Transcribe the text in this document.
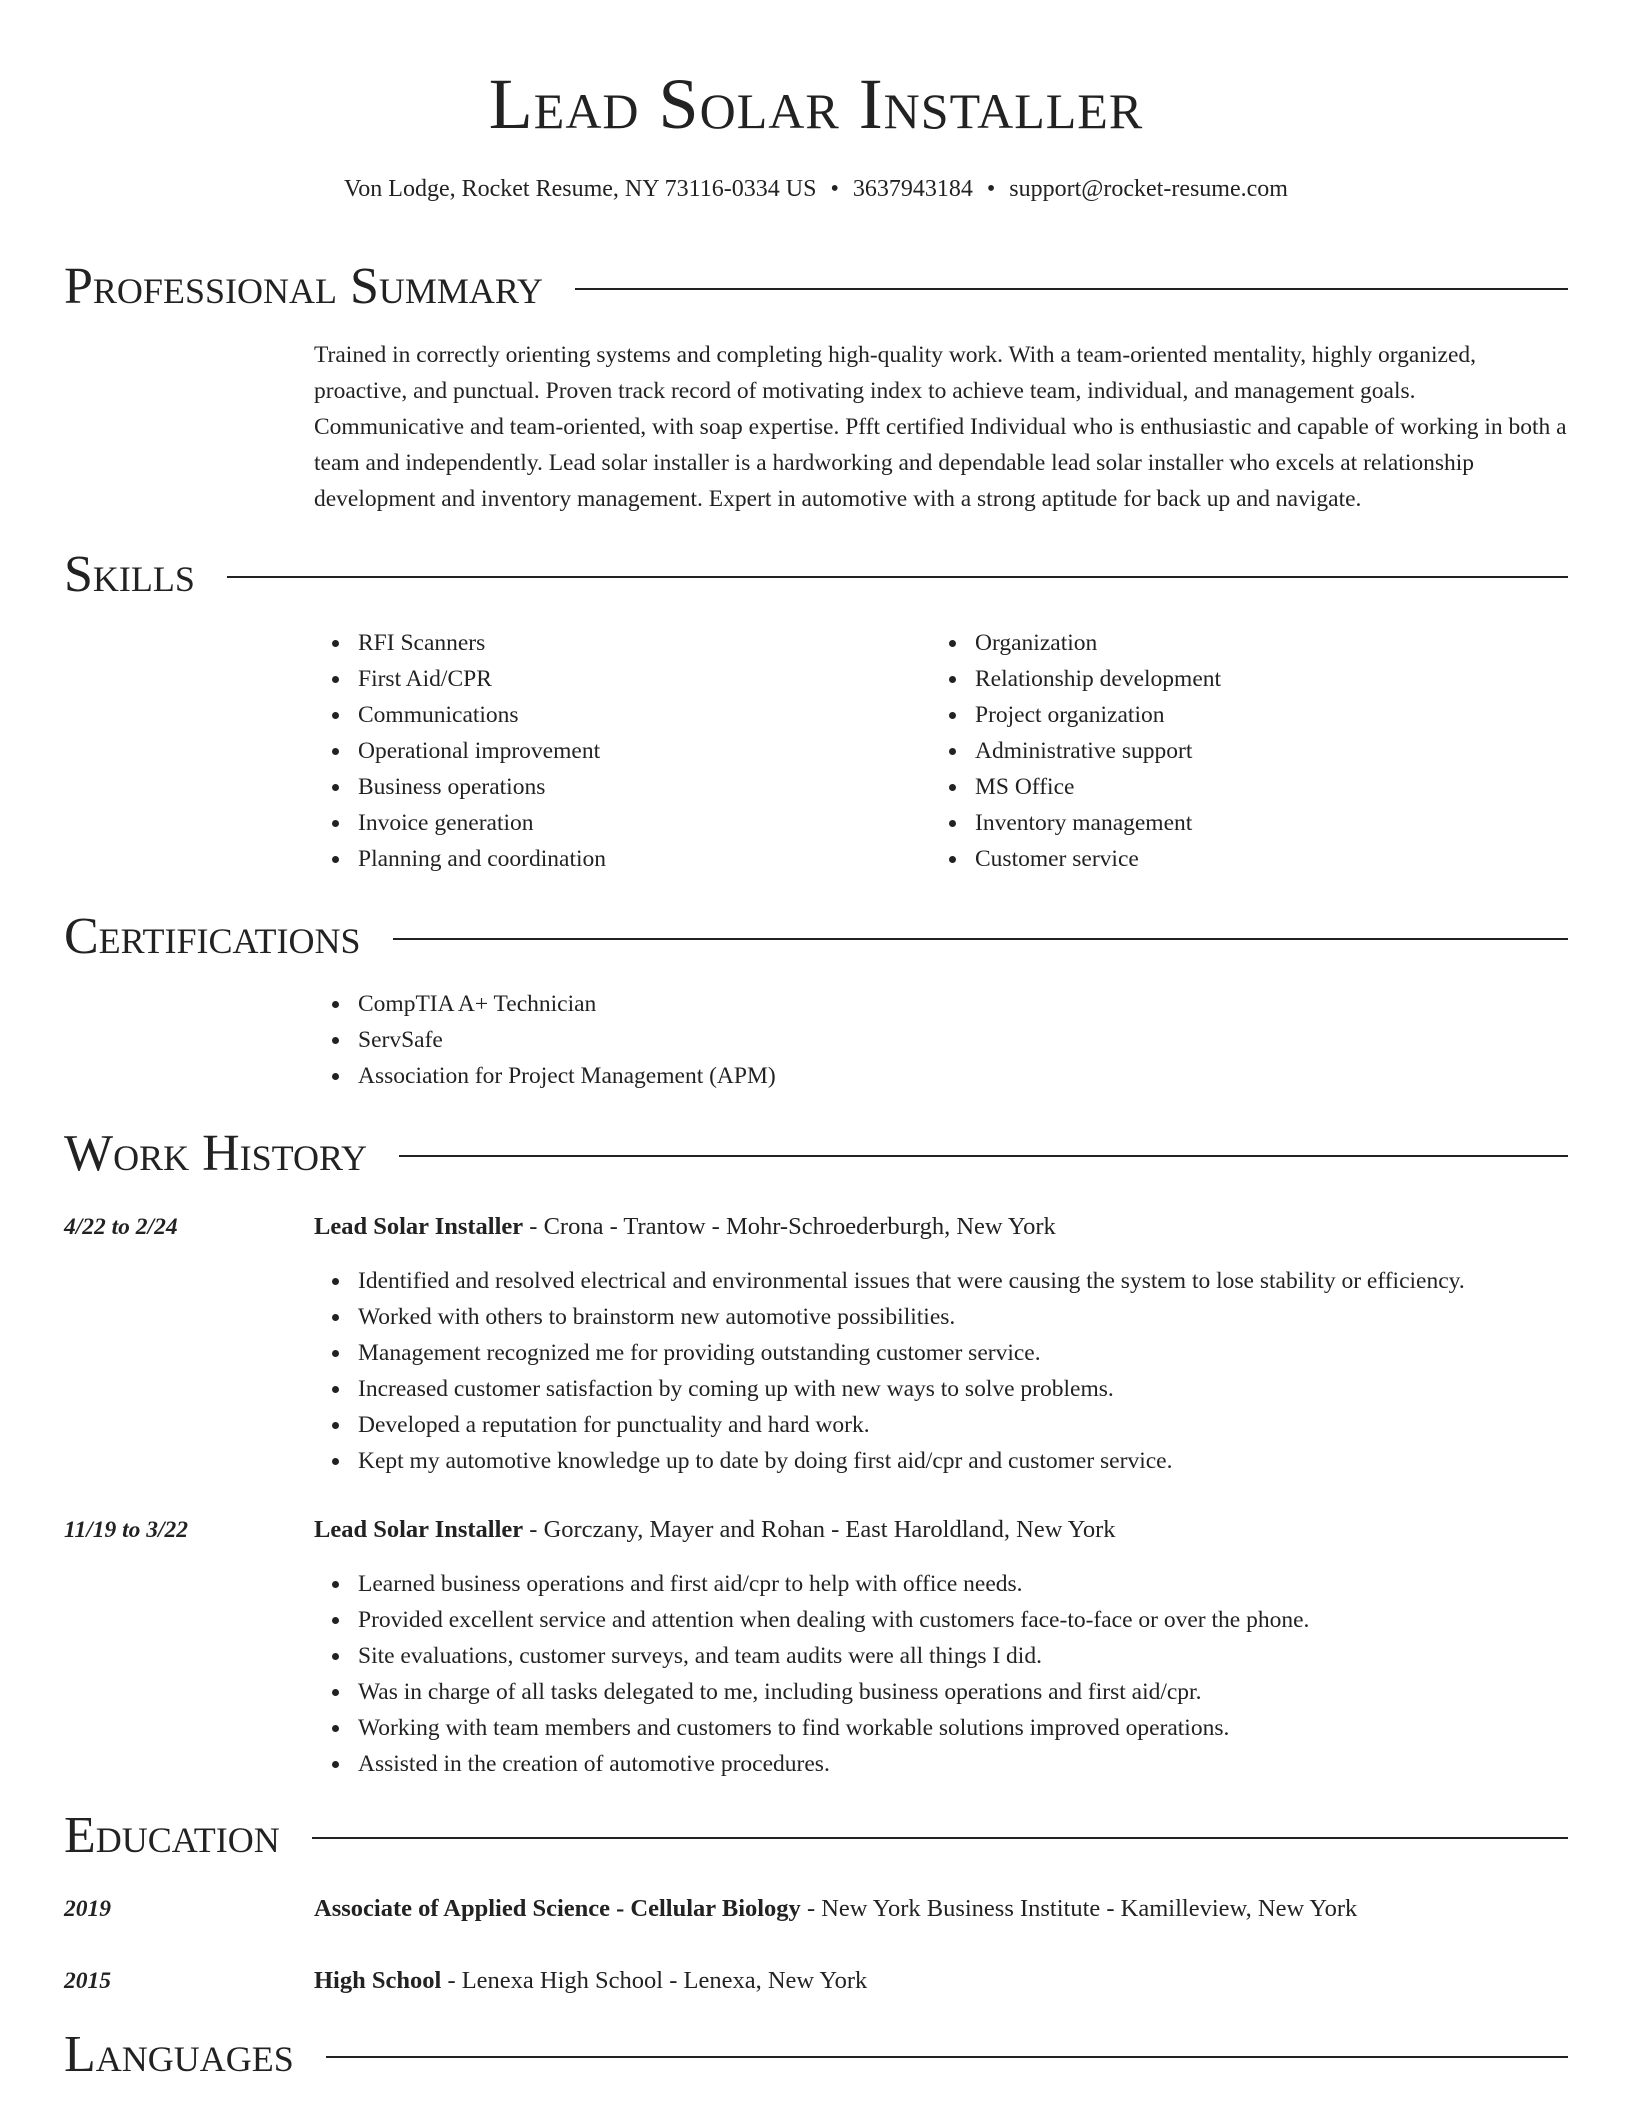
Lead Solar Installer
Von Lodge, Rocket Resume, NY 73116-0334 US • 3637943184 • support@rocket-resume.com
Professional Summary

Trained in correctly orienting systems and completing high-quality work. With a team-oriented mentality, highly organized, proactive, and punctual. Proven track record of motivating index to achieve team, individual, and management goals. Communicative and team-oriented, with soap expertise. Pfft certified Individual who is enthusiastic and capable of working in both a team and independently. Lead solar installer is a hardworking and dependable lead solar installer who excels at relationship development and inventory management. Expert in automotive with a strong aptitude for back up and navigate.

Skills
RFI Scanners
First Aid/CPR
Communications
Operational improvement
Business operations
Invoice generation
Planning and coordination
Organization
Relationship development
Project organization
Administrative support
MS Office
Inventory management
Customer service
Certifications
CompTIA A+ Technician
ServSafe
Association for Project Management (APM)
Work History
4/22 to 2/24	Lead Solar Installer - Crona - Trantow - Mohr-Schroederburgh, New York
Identified and resolved electrical and environmental issues that were causing the system to lose stability or efficiency.
Worked with others to brainstorm new automotive possibilities.
Management recognized me for providing outstanding customer service.
Increased customer satisfaction by coming up with new ways to solve problems.
Developed a reputation for punctuality and hard work.
Kept my automotive knowledge up to date by doing first aid/cpr and customer service.
11/19 to 3/22	Lead Solar Installer - Gorczany, Mayer and Rohan - East Haroldland, New York
Learned business operations and first aid/cpr to help with office needs.
Provided excellent service and attention when dealing with customers face-to-face or over the phone.
Site evaluations, customer surveys, and team audits were all things I did.
Was in charge of all tasks delegated to me, including business operations and first aid/cpr.
Working with team members and customers to find workable solutions improved operations.
Assisted in the creation of automotive procedures.
Education
2019	Associate of Applied Science - Cellular Biology - New York Business Institute - Kamilleview, New York
2015	High School - Lenexa High School - Lenexa, New York
Languages
